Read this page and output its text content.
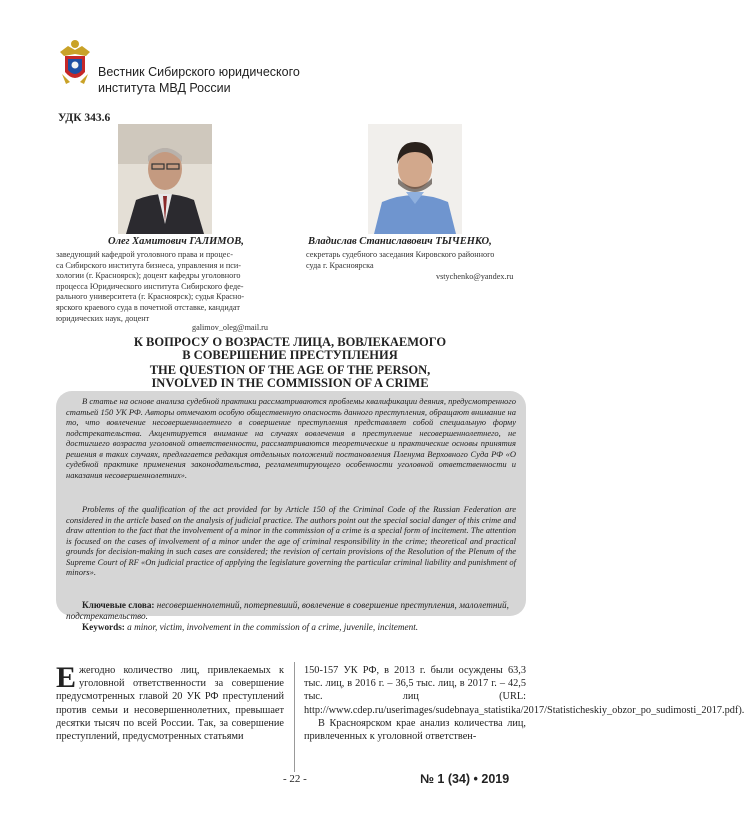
Вестник Сибирского юридического
института МВД России
УДК 343.6
Олег Хамитович ГАЛИМОВ,
заведующий кафедрой уголовного права и процес-
са Сибирского института бизнеса, управления и пси-
хологии (г. Красноярск); доцент кафедры уголовного
процесса Юридического института Сибирского феде-
рального университета (г. Красноярск); судья Красно-
ярского краевого суда в почетной отставке, кандидат
юридических наук, доцент
galimov_oleg@mail.ru
Владислав Станиславович ТЫЧЕНКО,
секретарь судебного заседания Кировского районного
суда г. Красноярска
vstychenko@yandex.ru
К ВОПРОСУ О ВОЗРАСТЕ ЛИЦА, ВОВЛЕКАЕМОГО
В СОВЕРШЕНИЕ ПРЕСТУПЛЕНИЯ
THE QUESTION OF THE AGE OF THE PERSON,
INVOLVED IN THE COMMISSION OF A CRIME
В статье на основе анализа судебной практики рассматриваются проблемы квалификации деяния, предусмотренного статьей 150 УК РФ. Авторы отмечают особую общественную опасность данного преступления, обращают внимание на то, что вовлечение несовершеннолетнего в совершение преступления представляет собой специальную форму подстрекательства. Акцентируется внимание на случаях вовлечения в преступление несовершеннолетнего, не достигшего возраста уголовной ответственности, рассматриваются теоретические и практические основы принятия решения в таких случаях, предлагается редакция отдельных положений постановления Пленума Верховного Суда РФ «О судебной практике применения законодательства, регламентирующего особенности уголовной ответственности и наказания несовершеннолетних».
Problems of the qualification of the act provided for by Article 150 of the Criminal Code of the Russian Federation are considered in the article based on the analysis of judicial practice. The authors point out the special social danger of this crime and draw attention to the fact that the involvement of a minor in the commission of a crime is a special form of incitement. The attention is focused on the cases of involvement of a minor under the age of criminal responsibility in the crime; theoretical and practical grounds for decision-making in such cases are considered; the revision of certain provisions of the Resolution of the Plenum of the Supreme Court of RF «On judicial practice of applying the legislature governing the particular criminal liability and punishment of minors».
Ключевые слова: несовершеннолетний, потерпевший, вовлечение в совершение преступления, малолетний, подстрекательство.
Keywords: a minor, victim, involvement in the commission of a crime, juvenile, incitement.
Ежегодно количество лиц, привлекаемых к уголовной ответственности за совершение предусмотренных главой 20 УК РФ преступлений против семьи и несовершеннолетних, превышает десятки тысяч по всей России. Так, за совершение преступлений, предусмотренных статьями
150-157 УК РФ, в 2013 г. были осуждены 63,3 тыс. лиц, в 2016 г. – 36,5 тыс. лиц, в 2017 г. – 42,5 тыс. лиц (URL: http://www.cdep.ru/userimages/sudebnaya_statistika/2017/Statisticheskiy_obzor_po_sudimosti_2017.pdf).
В Красноярском крае анализ количества лиц, привлеченных к уголовной ответствен-
- 22 -	№ 1 (34) • 2019
